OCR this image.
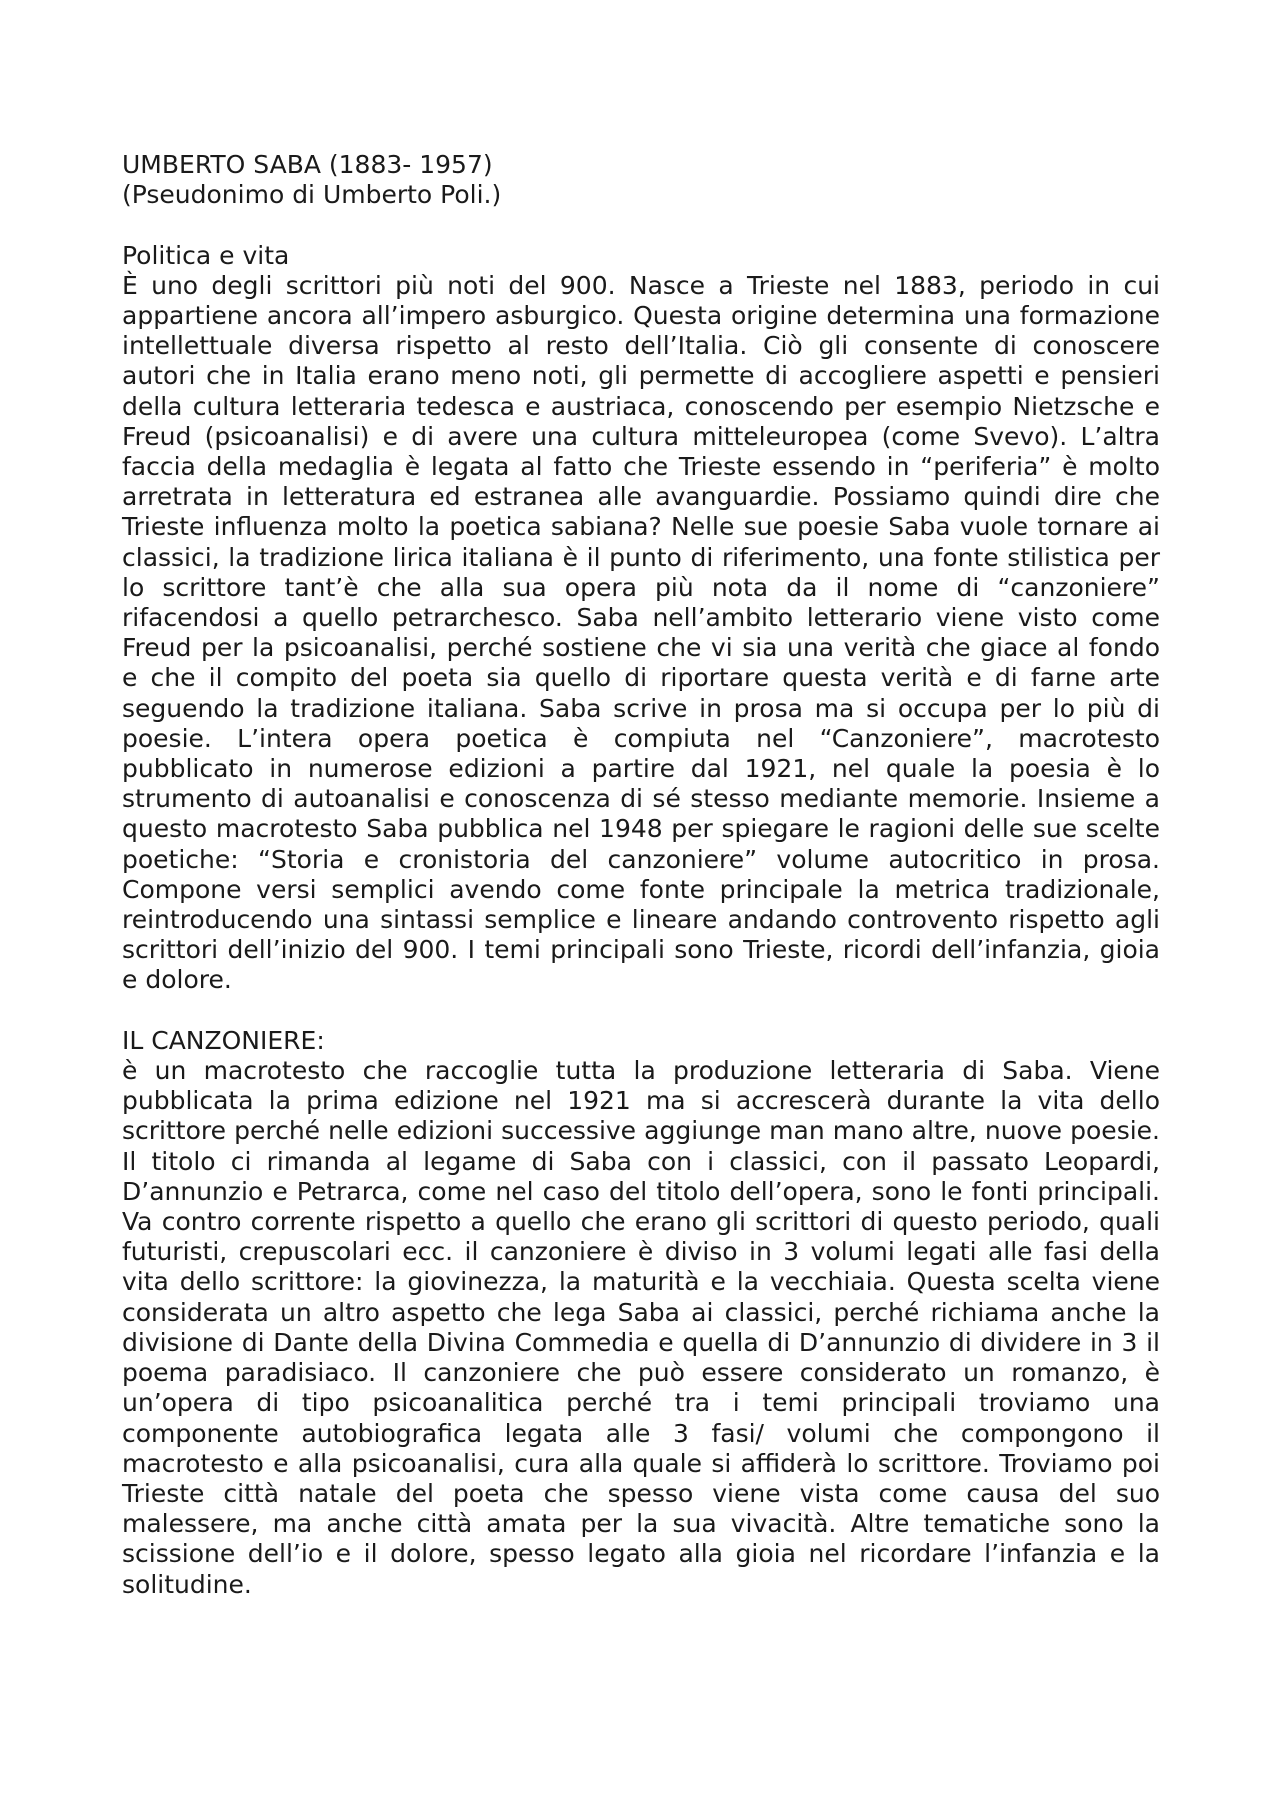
UMBERTO SABA (1883- 1957)

(Pseudonimo di Umberto Poli.)

Politica e vita

È uno degli scrittori più noti del 900. Nasce a Trieste nel 1883, periodo in cui appartiene ancora all’impero asburgico. Questa origine determina una formazione intellettuale diversa rispetto al resto dell’Italia. Ciò gli consente di conoscere autori che in Italia erano meno noti, gli permette di accogliere aspetti e pensieri della cultura letteraria tedesca e austriaca, conoscendo per esempio Nietzsche e Freud (psicoanalisi) e di avere una cultura mitteleuropea (come Svevo). L’altra faccia della medaglia è legata al fatto che Trieste essendo in “periferia” è molto arretrata in letteratura ed estranea alle avanguardie. Possiamo quindi dire che Trieste influenza molto la poetica sabiana? Nelle sue poesie Saba vuole tornare ai classici, la tradizione lirica italiana è il punto di riferimento, una fonte stilistica per lo scrittore tant’è che alla sua opera più nota da il nome di “canzoniere” rifacendosi a quello petrarchesco. Saba nell’ambito letterario viene visto come Freud per la psicoanalisi, perché sostiene che vi sia una verità che giace al fondo e che il compito del poeta sia quello di riportare questa verità e di farne arte seguendo la tradizione italiana. Saba scrive in prosa ma si occupa per lo più di poesie. L’intera opera poetica è compiuta nel “Canzoniere”, macrotesto pubblicato in numerose edizioni a partire dal 1921, nel quale la poesia è lo strumento di autoanalisi e conoscenza di sé stesso mediante memorie. Insieme a questo macrotesto Saba pubblica nel 1948 per spiegare le ragioni delle sue scelte poetiche: “Storia e cronistoria del canzoniere” volume autocritico in prosa. Compone versi semplici avendo come fonte principale la metrica tradizionale, reintroducendo una sintassi semplice e lineare andando controvento rispetto agli scrittori dell’inizio del 900. I temi principali sono Trieste, ricordi dell’infanzia, gioia e dolore.

IL CANZONIERE:

è un macrotesto che raccoglie tutta la produzione letteraria di Saba. Viene pubblicata la prima edizione nel 1921 ma si accrescerà durante la vita dello scrittore perché nelle edizioni successive aggiunge man mano altre, nuove poesie. Il titolo ci rimanda al legame di Saba con i classici, con il passato Leopardi, D’annunzio e Petrarca, come nel caso del titolo dell’opera, sono le fonti principali. Va contro corrente rispetto a quello che erano gli scrittori di questo periodo, quali futuristi, crepuscolari ecc. il canzoniere è diviso in 3 volumi legati alle fasi della vita dello scrittore: la giovinezza, la maturità e la vecchiaia. Questa scelta viene considerata un altro aspetto che lega Saba ai classici, perché richiama anche la divisione di Dante della Divina Commedia e quella di D’annunzio di dividere in 3 il poema paradisiaco. Il canzoniere che può essere considerato un romanzo, è un’opera di tipo psicoanalitica perché tra i temi principali troviamo una componente autobiografica legata alle 3 fasi/ volumi che compongono il macrotesto e alla psicoanalisi, cura alla quale si affiderà lo scrittore. Troviamo poi Trieste città natale del poeta che spesso viene vista come causa del suo malessere, ma anche città amata per la sua vivacità. Altre tematiche sono la scissione dell’io e il dolore, spesso legato alla gioia nel ricordare l’infanzia e la solitudine.
